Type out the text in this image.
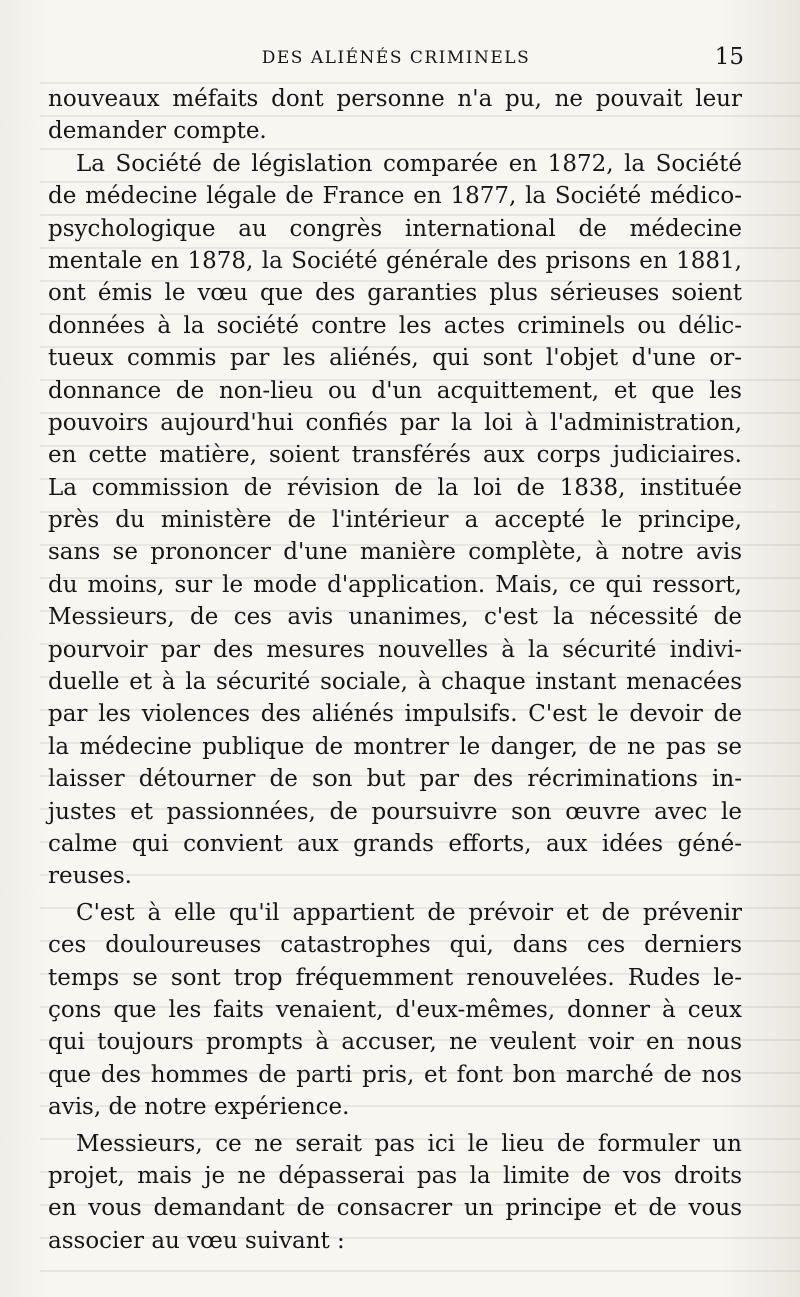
DES ALIÉNÉS CRIMINELS	15
nouveaux méfaits dont personne n'a pu, ne pouvait leur
demander compte.
La Société de législation comparée en 1872, la Société
de médecine légale de France en 1877, la Société médico-
psychologique au congrès international de médecine
mentale en 1878, la Société générale des prisons en 1881,
ont émis le vœu que des garanties plus sérieuses soient
données à la société contre les actes criminels ou délic-
tueux commis par les aliénés, qui sont l'objet d'une or-
donnance de non-lieu ou d'un acquittement, et que les
pouvoirs aujourd'hui confiés par la loi à l'administration,
en cette matière, soient transférés aux corps judiciaires.
La commission de révision de la loi de 1838, instituée
près du ministère de l'intérieur a accepté le principe,
sans se prononcer d'une manière complète, à notre avis
du moins, sur le mode d'application. Mais, ce qui ressort,
Messieurs, de ces avis unanimes, c'est la nécessité de
pourvoir par des mesures nouvelles à la sécurité indivi-
duelle et à la sécurité sociale, à chaque instant menacées
par les violences des aliénés impulsifs. C'est le devoir de
la médecine publique de montrer le danger, de ne pas se
laisser détourner de son but par des récriminations in-
justes et passionnées, de poursuivre son œuvre avec le
calme qui convient aux grands efforts, aux idées géné-
reuses.
C'est à elle qu'il appartient de prévoir et de prévenir
ces douloureuses catastrophes qui, dans ces derniers
temps se sont trop fréquemment renouvelées. Rudes le-
çons que les faits venaient, d'eux-mêmes, donner à ceux
qui toujours prompts à accuser, ne veulent voir en nous
que des hommes de parti pris, et font bon marché de nos
avis, de notre expérience.
Messieurs, ce ne serait pas ici le lieu de formuler un
projet, mais je ne dépasserai pas la limite de vos droits
en vous demandant de consacrer un principe et de vous
associer au vœu suivant :
